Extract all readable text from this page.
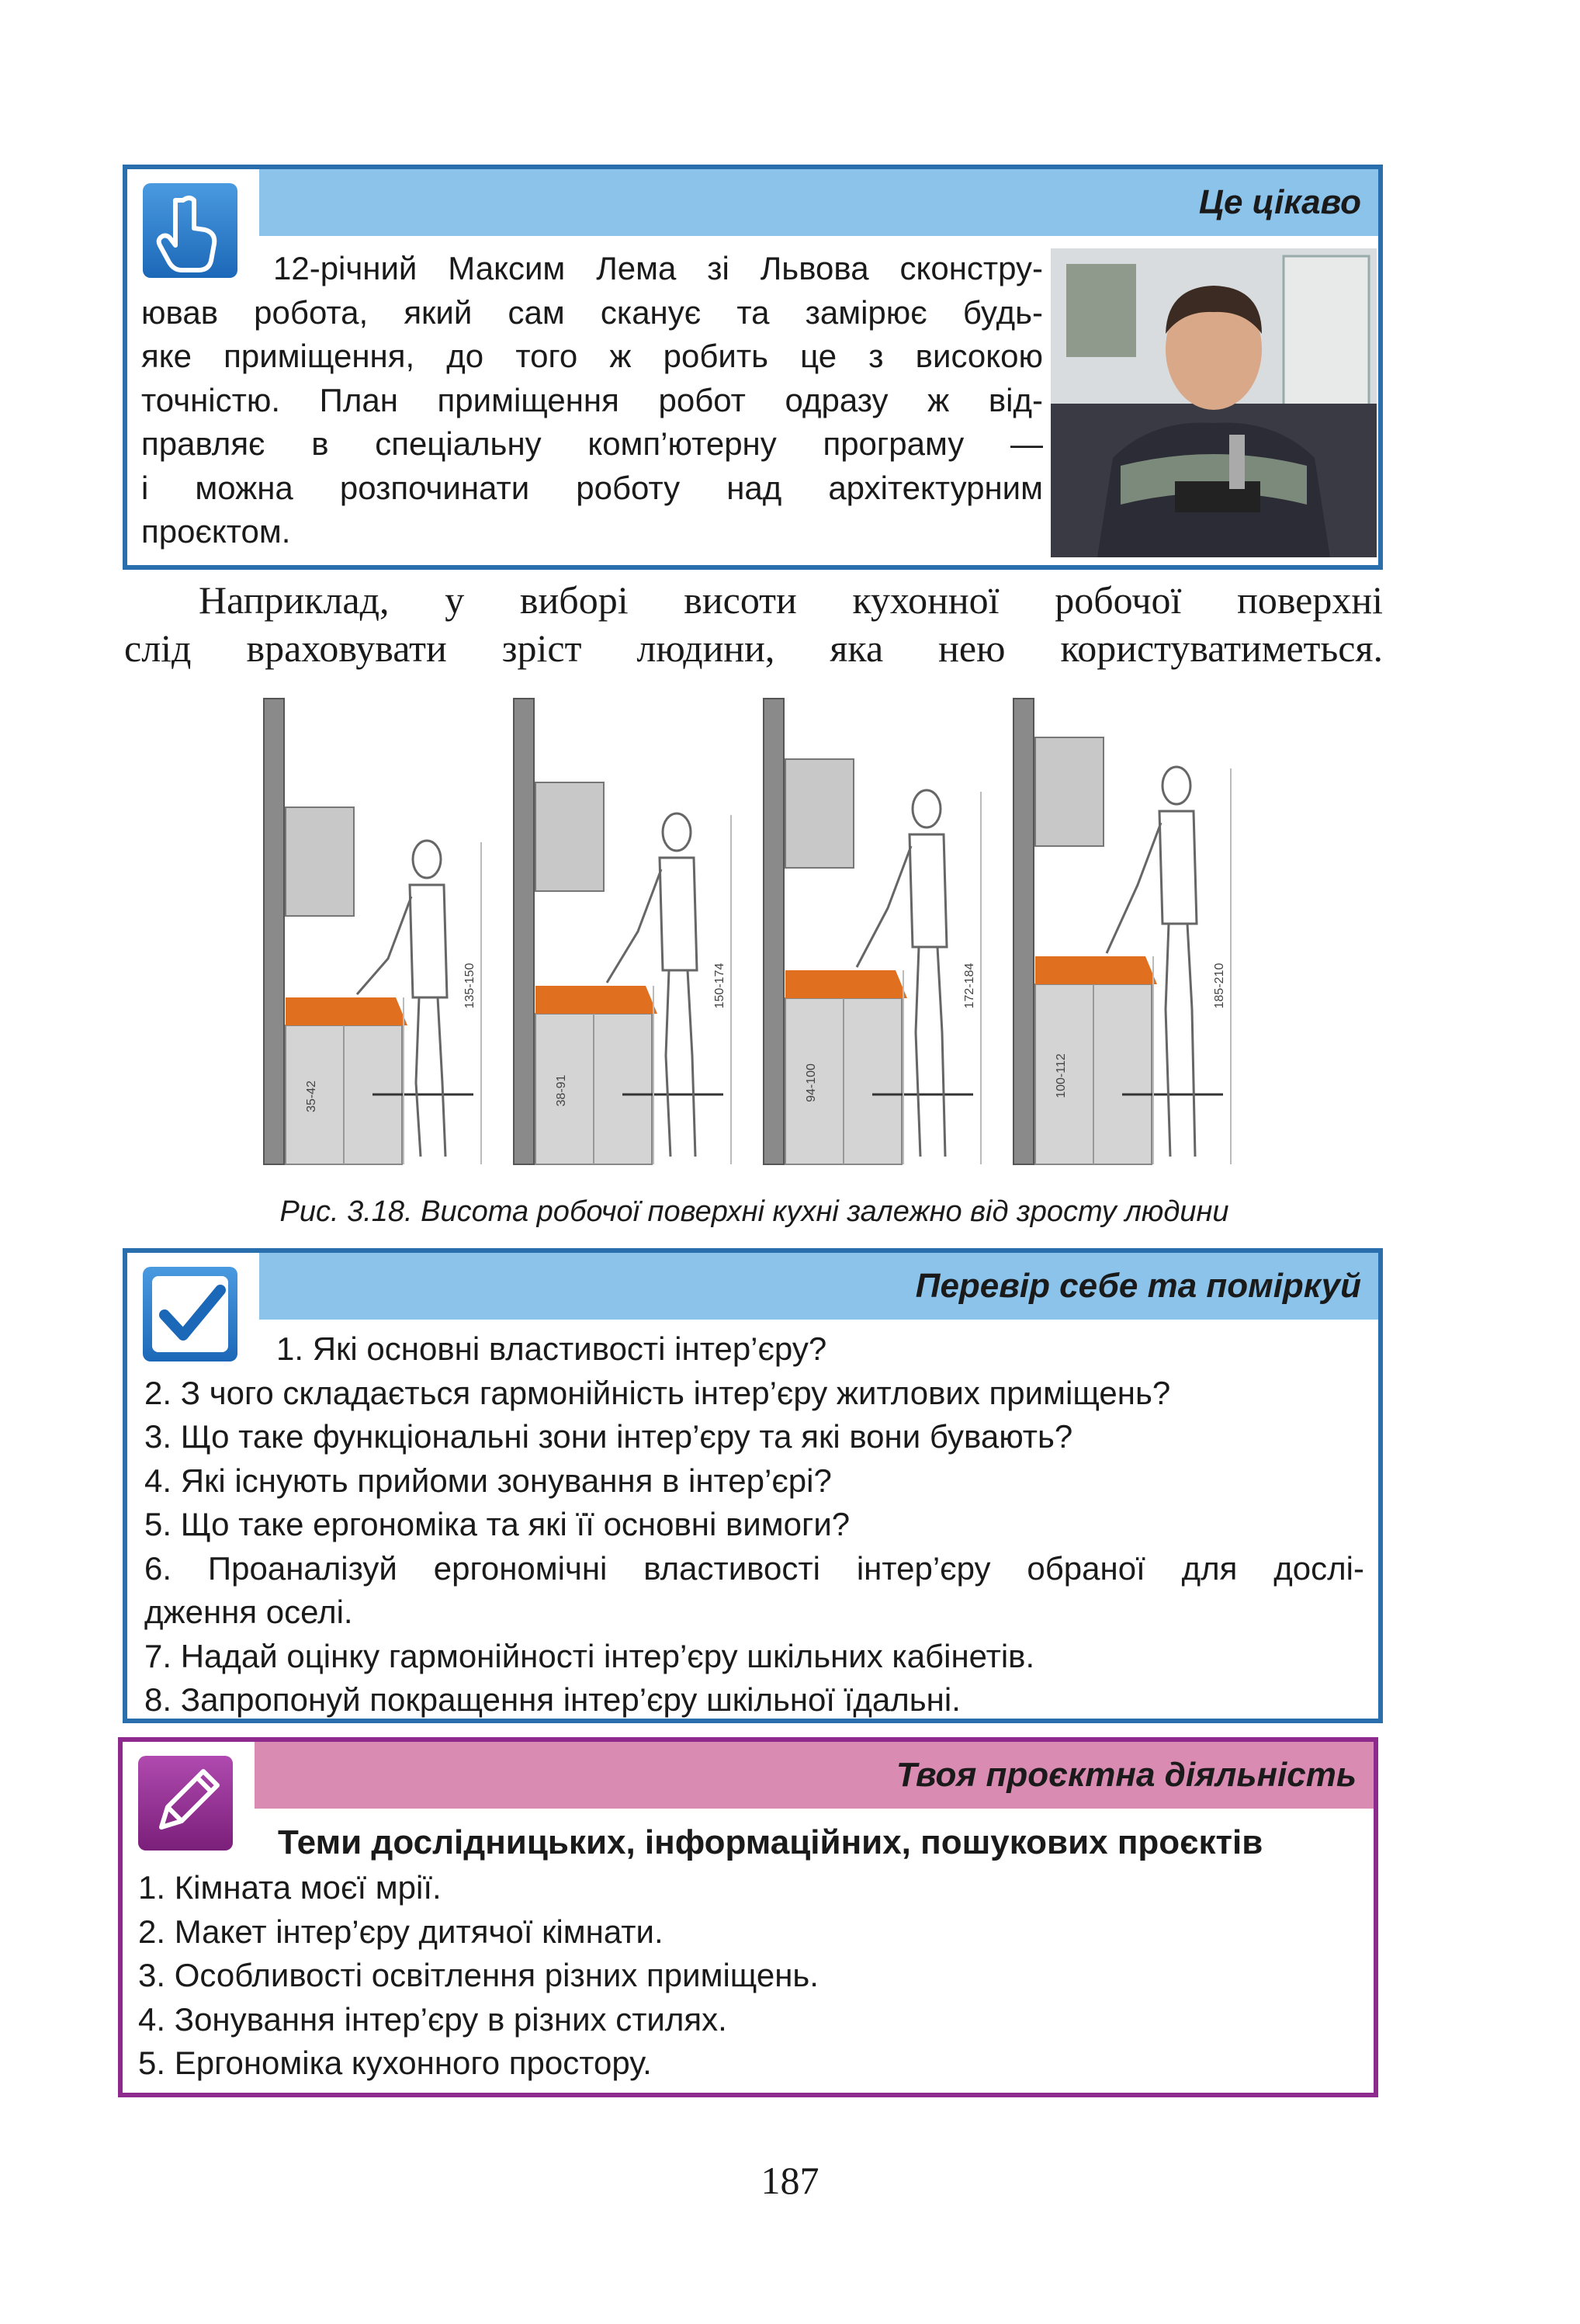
Це цікаво
12-річний Максим Лема зі Львова сконстру-
ював робота, який сам сканує та замірює будь-
яке приміщення, до того ж робить це з високою
точністю. План приміщення робот одразу ж від-
правляє в спеціальну комп’ютерну програму —
і можна розпочинати роботу над архітектурним
проєктом.
Наприклад, у виборі висоти кухонної робочої поверхні
слід враховувати зріст людини, яка нею користуватиметься.
35-42
135-150
38-91
150-174
94-100
172-184
100-112
185-210
Рис. 3.18. Висота робочої поверхні кухні залежно від зросту людини
Перевір себе та поміркуй
1. Які основні властивості інтер’єру?
2. З чого складається гармонійність інтер’єру житлових приміщень?
3. Що таке функціональні зони інтер’єру та які вони бувають?
4. Які існують прийоми зонування в інтер’єрі?
5. Що таке ергономіка та які її основні вимоги?
6. Проаналізуй ергономічні властивості інтер’єру обраної для дослі-
дження оселі.
7. Надай оцінку гармонійності інтер’єру шкільних кабінетів.
8. Запропонуй покращення інтер’єру шкільної їдальні.
Твоя проєктна діяльність
Теми дослідницьких, інформаційних, пошукових проєктів
1. Кімната моєї мрії.
2. Макет інтер’єру дитячої кімнати.
3. Особливості освітлення різних приміщень.
4. Зонування інтер’єру в різних стилях.
5. Ергономіка кухонного простору.
187
